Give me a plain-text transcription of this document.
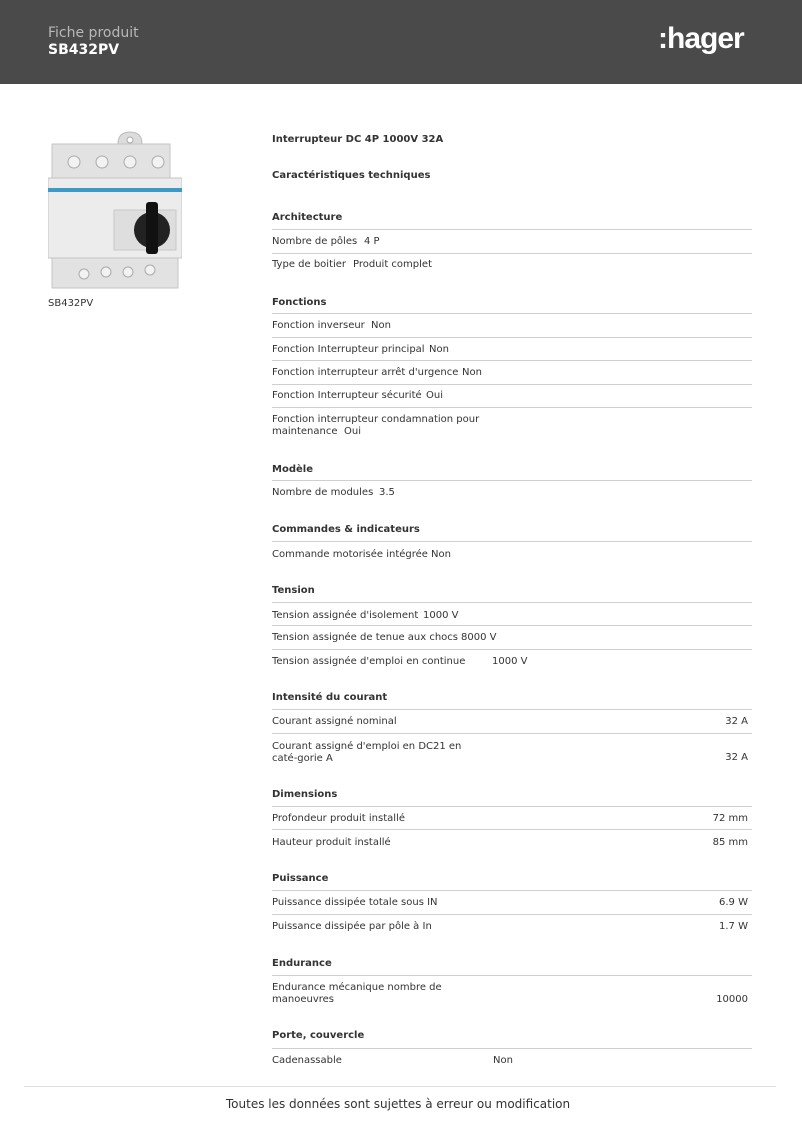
Fiche produit
SB432PV	:hager
SB432PV
Interrupteur DC 4P 1000V 32A
Caractéristiques techniques
Architecture
Nombre de pôles 4 P
Type de boitier Produit complet
Fonctions
Fonction inverseur Non
Fonction Interrupteur principal Non
Fonction interrupteur arrêt d'urgence Non
Fonction Interrupteur sécurité Oui
Fonction interrupteur condamnation pour maintenance Oui
Modèle
Nombre de modules 3.5
Commandes & indicateurs
Commande motorisée intégrée Non
Tension
Tension assignée d'isolement 1000 V
Tension assignée de tenue aux chocs 8000 V
Tension assignée d'emploi en continue	1000 V
Intensité du courant
Courant assigné nominal	32 A
Courant assigné d'emploi en DC21 en caté-gorie A	32 A
Dimensions
Profondeur produit installé	72 mm
Hauteur produit installé	85 mm
Puissance
Puissance dissipée totale sous IN	6.9 W
Puissance dissipée par pôle à In	1.7 W
Endurance
Endurance mécanique nombre de manoeuvres	10000
Porte, couvercle
Cadenassable	Non
Toutes les données sont sujettes à erreur ou modification
